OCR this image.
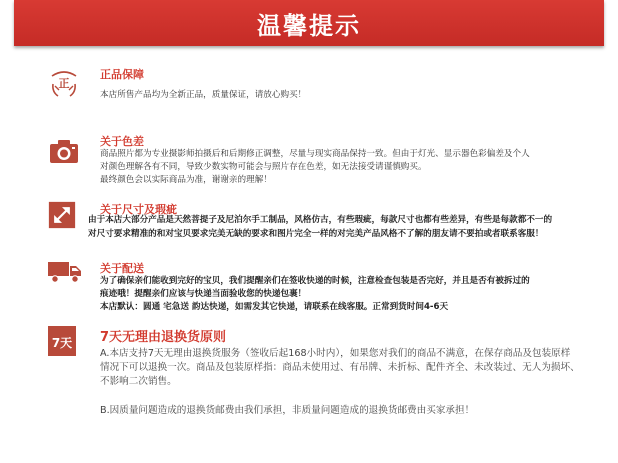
温馨提示
正
正品保障
本店所售产品均为全新正品，质量保证，请放心购买！
关于色差
商品照片都为专业摄影师拍摄后和后期修正调整，尽量与现实商品保持一致。但由于灯光、显示器色彩偏差及个人
对颜色理解各有不同，导致少数实物可能会与照片存在色差，如无法接受请谨慎购买。
最终颜色会以实际商品为准，谢谢亲的理解！
关于尺寸及瑕疵
由于本店大部分产品是天然菩提子及尼泊尔手工制品，风格仿古，有些瑕疵，每款尺寸也都有些差异，有些是每款都不一的
对尺寸要求精准的和对宝贝要求完美无缺的要求和图片完全一样的对完美产品风格不了解的朋友请不要拍或者联系客服！
关于配送
为了确保亲们能收到完好的宝贝，我们提醒亲们在签收快递的时候，注意检查包装是否完好，并且是否有被拆过的
痕迹哦！提醒亲们应该与快递当面验收您的快递包裹！
本店默认：圆通 宅急送 韵达快递，如需发其它快递，请联系在线客服。正常到货时间4-6天
7天 7天无理由退换货原则
A.本店支持7天无理由退换货服务（签收后起168小时内），如果您对我们的商品不满意，在保存商品及包装原样
情况下可以退换一次。商品及包装原样指：商品未使用过、有吊牌、未折标、配件齐全、未改装过、无人为损坏、
不影响二次销售。
B.因质量问题造成的退换货邮费由我们承担，非质量问题造成的退换货邮费由买家承担！
